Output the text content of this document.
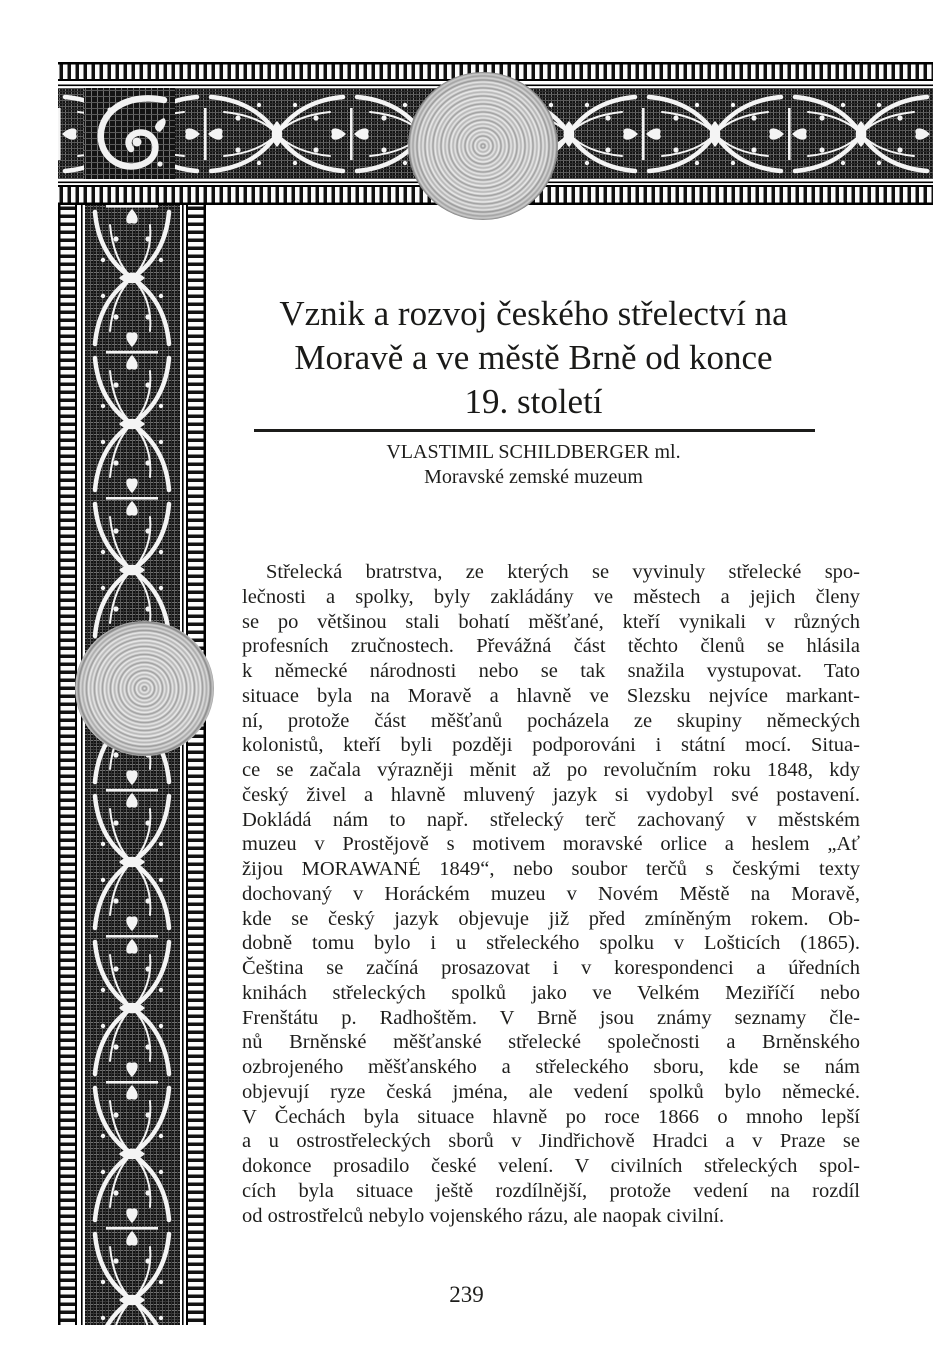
Vznik a rozvoj českého střelectví na
Moravě a ve městě Brně od konce
19. století
VLASTIMIL SCHILDBERGER ml.
Moravské zemské muzeum
Střelecká bratrstva, ze kterých se vyvinuly střelecké spo-
lečnosti a spolky, byly zakládány ve městech a jejich členy
se po většinou stali bohatí měšťané, kteří vynikali v různých
profesních zručnostech. Převážná část těchto členů se hlásila
k německé národnosti nebo se tak snažila vystupovat. Tato
situace byla na Moravě a hlavně ve Slezsku nejvíce markant-
ní, protože část měšťanů pocházela ze skupiny německých
kolonistů, kteří byli později podporováni i státní mocí. Situa-
ce se začala výrazněji měnit až po revolučním roku 1848, kdy
český živel a hlavně mluvený jazyk si vydobyl své postavení.
Dokládá nám to např. střelecký terč zachovaný v městském
muzeu v Prostějově s motivem moravské orlice a heslem „Ať
žijou MORAWANÉ 1849“, nebo soubor terčů s českými texty
dochovaný v Horáckém muzeu v Novém Městě na Moravě,
kde se český jazyk objevuje již před zmíněným rokem. Ob-
dobně tomu bylo i u střeleckého spolku v Lošticích (1865).
Čeština se začíná prosazovat i v korespondenci a úředních
knihách střeleckých spolků jako ve Velkém Meziříčí nebo
Frenštátu p. Radhoštěm. V Brně jsou známy seznamy čle-
nů Brněnské měšťanské střelecké společnosti a Brněnského
ozbrojeného měšťanského a střeleckého sboru, kde se nám
objevují ryze česká jména, ale vedení spolků bylo německé.
V Čechách byla situace hlavně po roce 1866 o mnoho lepší
a u ostrostřeleckých sborů v Jindřichově Hradci a v Praze se
dokonce prosadilo české velení. V civilních střeleckých spol-
cích byla situace ještě rozdílnější, protože vedení na rozdíl
od ostrostřelců nebylo vojenského rázu, ale naopak civilní.
239
